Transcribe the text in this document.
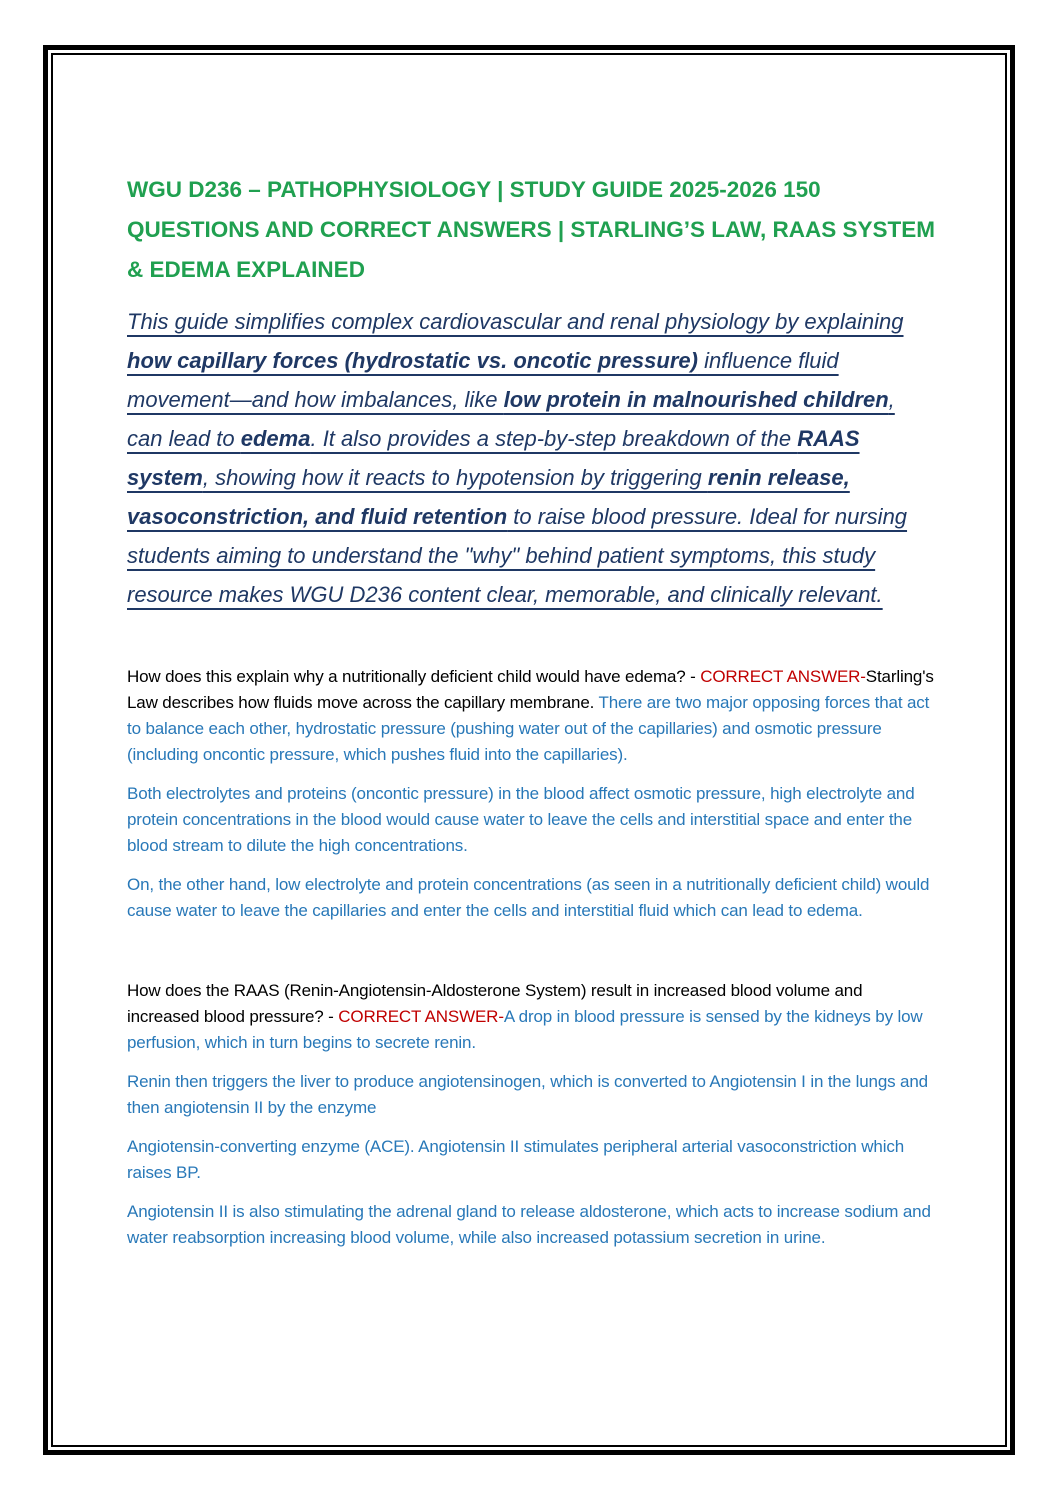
WGU D236 – PATHOPHYSIOLOGY | STUDY GUIDE 2025-2026 150 QUESTIONS AND CORRECT ANSWERS | STARLING’S LAW, RAAS SYSTEM & EDEMA EXPLAINED

This guide simplifies complex cardiovascular and renal physiology by explaining how capillary forces (hydrostatic vs. oncotic pressure) influence fluid movement—and how imbalances, like low protein in malnourished children, can lead to edema. It also provides a step-by-step breakdown of the RAAS system, showing how it reacts to hypotension by triggering renin release, vasoconstriction, and fluid retention to raise blood pressure. Ideal for nursing students aiming to understand the "why" behind patient symptoms, this study resource makes WGU D236 content clear, memorable, and clinically relevant.

How does this explain why a nutritionally deficient child would have edema? - CORRECT ANSWER-Starling's Law describes how fluids move across the capillary membrane. There are two major opposing forces that act to balance each other, hydrostatic pressure (pushing water out of the capillaries) and osmotic pressure (including oncontic pressure, which pushes fluid into the capillaries).

Both electrolytes and proteins (oncontic pressure) in the blood affect osmotic pressure, high electrolyte and protein concentrations in the blood would cause water to leave the cells and interstitial space and enter the blood stream to dilute the high concentrations.

On, the other hand, low electrolyte and protein concentrations (as seen in a nutritionally deficient child) would cause water to leave the capillaries and enter the cells and interstitial fluid which can lead to edema.

How does the RAAS (Renin-Angiotensin-Aldosterone System) result in increased blood volume and increased blood pressure? - CORRECT ANSWER-A drop in blood pressure is sensed by the kidneys by low perfusion, which in turn begins to secrete renin.

Renin then triggers the liver to produce angiotensinogen, which is converted to Angiotensin I in the lungs and then angiotensin II by the enzyme

Angiotensin-converting enzyme (ACE). Angiotensin II stimulates peripheral arterial vasoconstriction which raises BP.

Angiotensin II is also stimulating the adrenal gland to release aldosterone, which acts to increase sodium and water reabsorption increasing blood volume, while also increased potassium secretion in urine.
